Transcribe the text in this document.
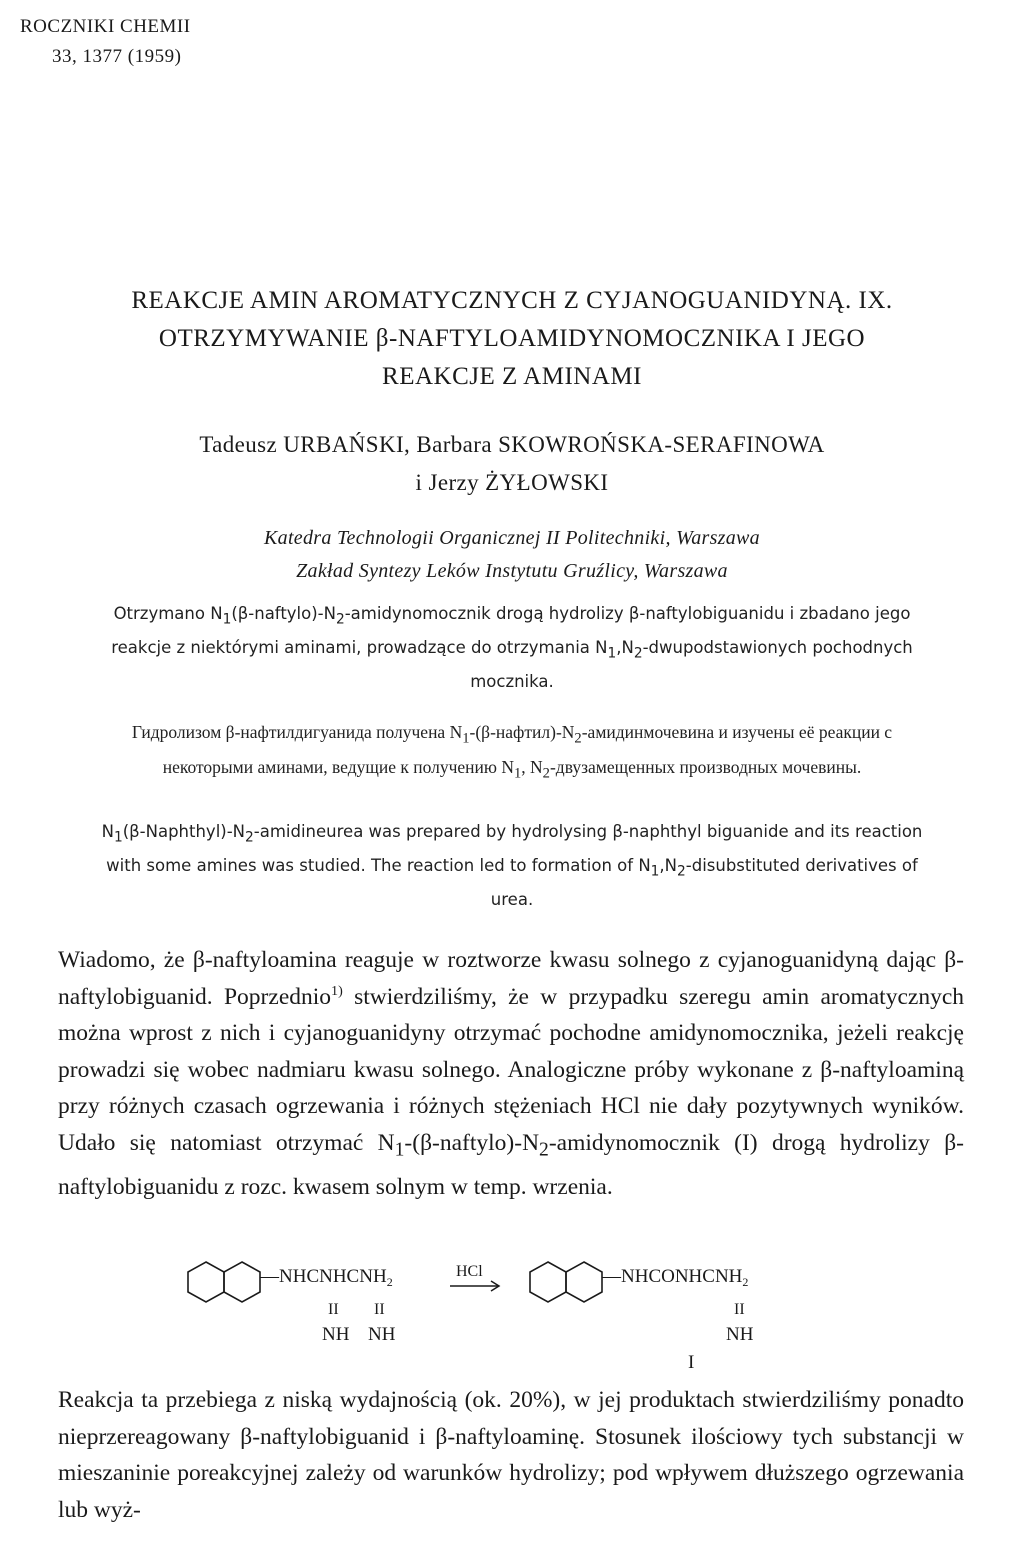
ROCZNIKI CHEMII
33, 1377 (1959)
REAKCJE AMIN AROMATYCZNYCH Z CYJANOGUANIDYNĄ. IX.
OTRZYMYWANIE β-NAFTYLOAMIDYNOMOCZNIKA I JEGO
REAKCJE Z AMINAMI
Tadeusz URBAŃSKI, Barbara SKOWROŃSKA-SERAFINOWA
i Jerzy ŻYŁOWSKI
Katedra Technologii Organicznej II Politechniki, Warszawa
Zakład Syntezy Leków Instytutu Gruźlicy, Warszawa
Otrzymano $N_1(\beta-naftylo)-N_2$-amidynomocznik drogą hydrolizy β-naftylobiguanidu i zbadano jego reakcje z niektórymi aminami, prowadzące do otrzymania $N_1,N_2$-dwupodstawionych pochodnych mocznika.
Гидролизом β-нафтилдигуанида получена $N_1-(\beta-нафтил)-N_2$-амидинмочевина и изучены её реакции с некоторыми аминами, ведущие к получению $N_1$, $N_2$-двузамещенных производных мочевины.
$N_1(\beta-Naphthyl)-N_2$-amidineurea was prepared by hydrolysing β-naphthyl biguanide and its reaction with some amines was studied. The reaction led to formation of $N_1,N_2$-disubstituted derivatives of urea.
Wiadomo, że β-naftyloamina reaguje w roztworze kwasu solnego z cyjanoguanidyną dając β-naftylobiguanid. Poprzednio$^{1)}$ stwierdziliśmy, że w przypadku szeregu amin aromatycznych można wprost z nich i cyjanoguanidyny otrzymać pochodne amidynomocznika, jeżeli reakcję prowadzi się wobec nadmiaru kwasu solnego. Analogiczne próby wykonane z β-naftyloaminą przy różnych czasach ogrzewania i różnych stężeniach HCl nie dały pozytywnych wyników. Udało się natomiast otrzymać $N_1-(\beta-naftylo)-N_2$-amidynomocznik (I) drogą hydrolizy β-naftylobiguanidu z rozc. kwasem solnym w temp. wrzenia.
$—NHCNHCNH_2$
II II
NH NH
HCl	$—NHCONHCNH_2$
II
NH
I
Reakcja ta przebiega z niską wydajnością (ok. 20%), w jej produktach stwierdziliśmy ponadto nieprzereagowany β-naftylobiguanid i β-naftyloaminę. Stosunek ilościowy tych substancji w mieszaninie poreakcyjnej zależy od warunków hydrolizy; pod wpływem dłuższego ogrzewania lub wyż-
